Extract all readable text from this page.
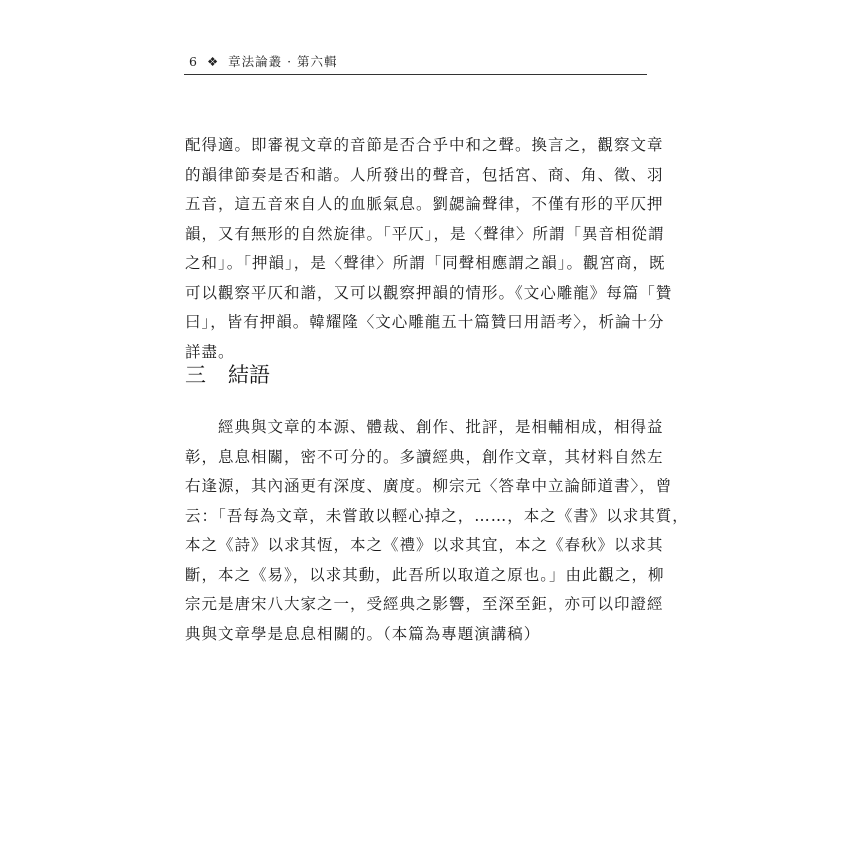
6 ❖ 章法論叢 · 第六輯
配得適。即審視文章的音節是否合乎中和之聲。換言之，觀察文章
的韻律節奏是否和諧。人所發出的聲音，包括宮、商、角、徵、羽
五音，這五音來自人的血脈氣息。劉勰論聲律，不僅有形的平仄押
韻，又有無形的自然旋律。「平仄」，是〈聲律〉所謂「異音相從謂
之和」。「押韻」，是〈聲律〉所謂「同聲相應謂之韻」。觀宮商，既
可以觀察平仄和諧，又可以觀察押韻的情形。《文心雕龍》每篇「贊
曰」，皆有押韻。韓耀隆〈文心雕龍五十篇贊曰用語考〉，析論十分
詳盡。
三 結語
　　經典與文章的本源、體裁、創作、批評，是相輔相成，相得益
彰，息息相關，密不可分的。多讀經典，創作文章，其材料自然左
右逢源，其內涵更有深度、廣度。柳宗元〈答韋中立論師道書〉，曾
云：「吾每為文章，未嘗敢以輕心掉之，……，本之《書》以求其質，
本之《詩》以求其恆，本之《禮》以求其宜，本之《春秋》以求其
斷，本之《易》，以求其動，此吾所以取道之原也。」由此觀之，柳
宗元是唐宋八大家之一，受經典之影響，至深至鉅，亦可以印證經
典與文章學是息息相關的。（本篇為專題演講稿）
